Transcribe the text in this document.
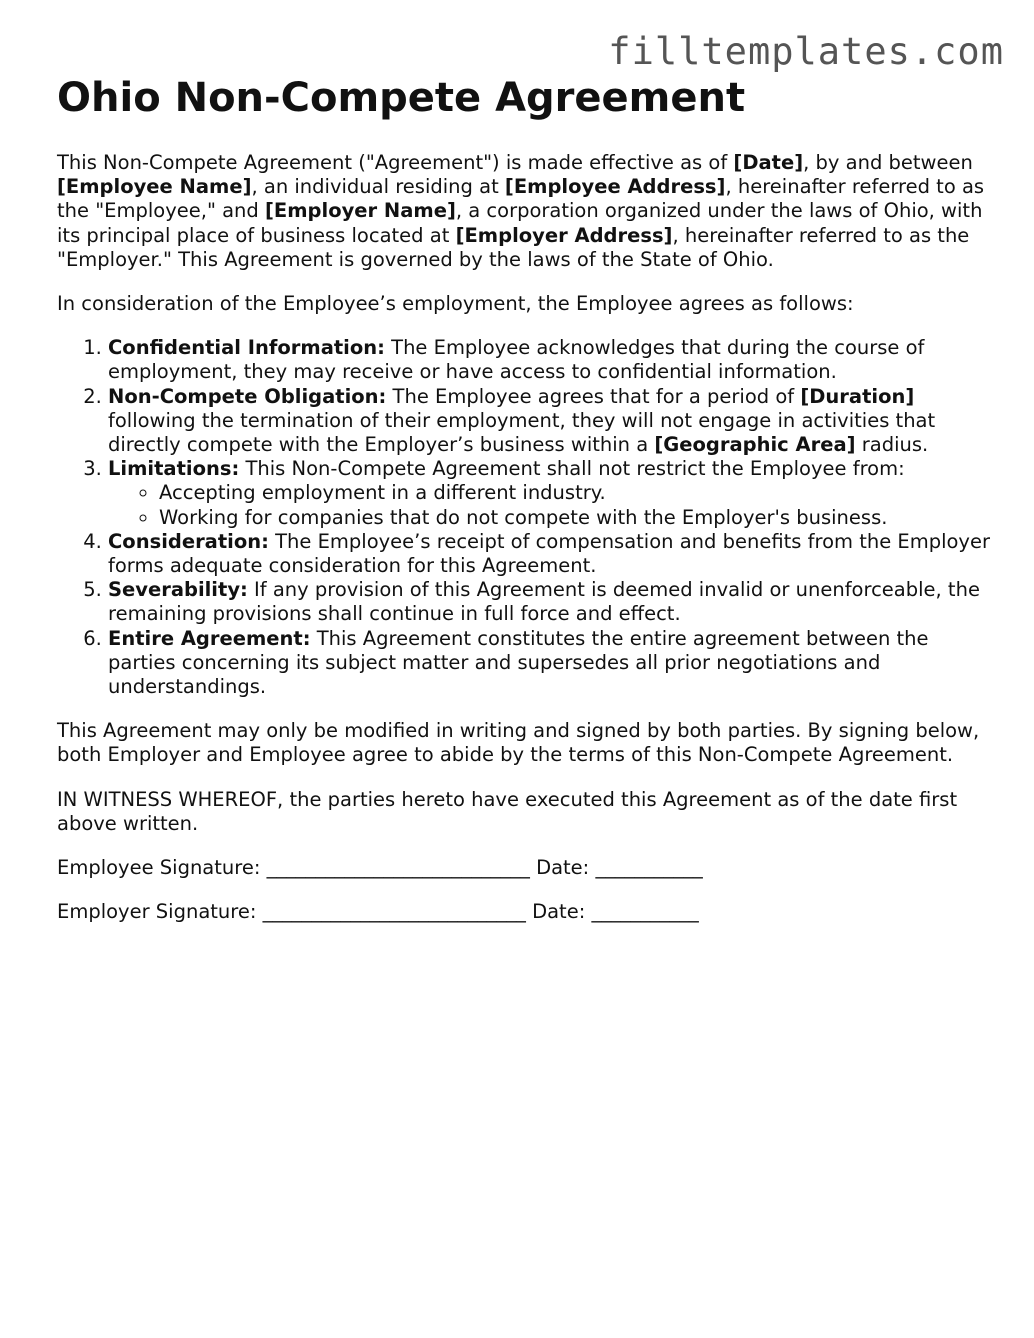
filltemplates.com
Ohio Non-Compete Agreement

This Non-Compete Agreement ("Agreement") is made effective as of [Date], by and between [Employee Name], an individual residing at [Employee Address], hereinafter referred to as the "Employee," and [Employer Name], a corporation organized under the laws of Ohio, with its principal place of business located at [Employer Address], hereinafter referred to as the "Employer." This Agreement is governed by the laws of the State of Ohio.

In consideration of the Employee’s employment, the Employee agrees as follows:

1. Confidential Information: The Employee acknowledges that during the course of employment, they may receive or have access to confidential information.
2. Non-Compete Obligation: The Employee agrees that for a period of [Duration] following the termination of their employment, they will not engage in activities that directly compete with the Employer’s business within a [Geographic Area] radius.
3. Limitations: This Non-Compete Agreement shall not restrict the Employee from:
◦ Accepting employment in a different industry.
◦ Working for companies that do not compete with the Employer's business.
4. Consideration: The Employee’s receipt of compensation and benefits from the Employer forms adequate consideration for this Agreement.
5. Severability: If any provision of this Agreement is deemed invalid or unenforceable, the remaining provisions shall continue in full force and effect.
6. Entire Agreement: This Agreement constitutes the entire agreement between the parties concerning its subject matter and supersedes all prior negotiations and understandings.

This Agreement may only be modified in writing and signed by both parties. By signing below, both Employer and Employee agree to abide by the terms of this Non-Compete Agreement.

IN WITNESS WHEREOF, the parties hereto have executed this Agreement as of the date first above written.

Employee Signature: ___________________________ Date: ___________

Employer Signature: ___________________________ Date: ___________
